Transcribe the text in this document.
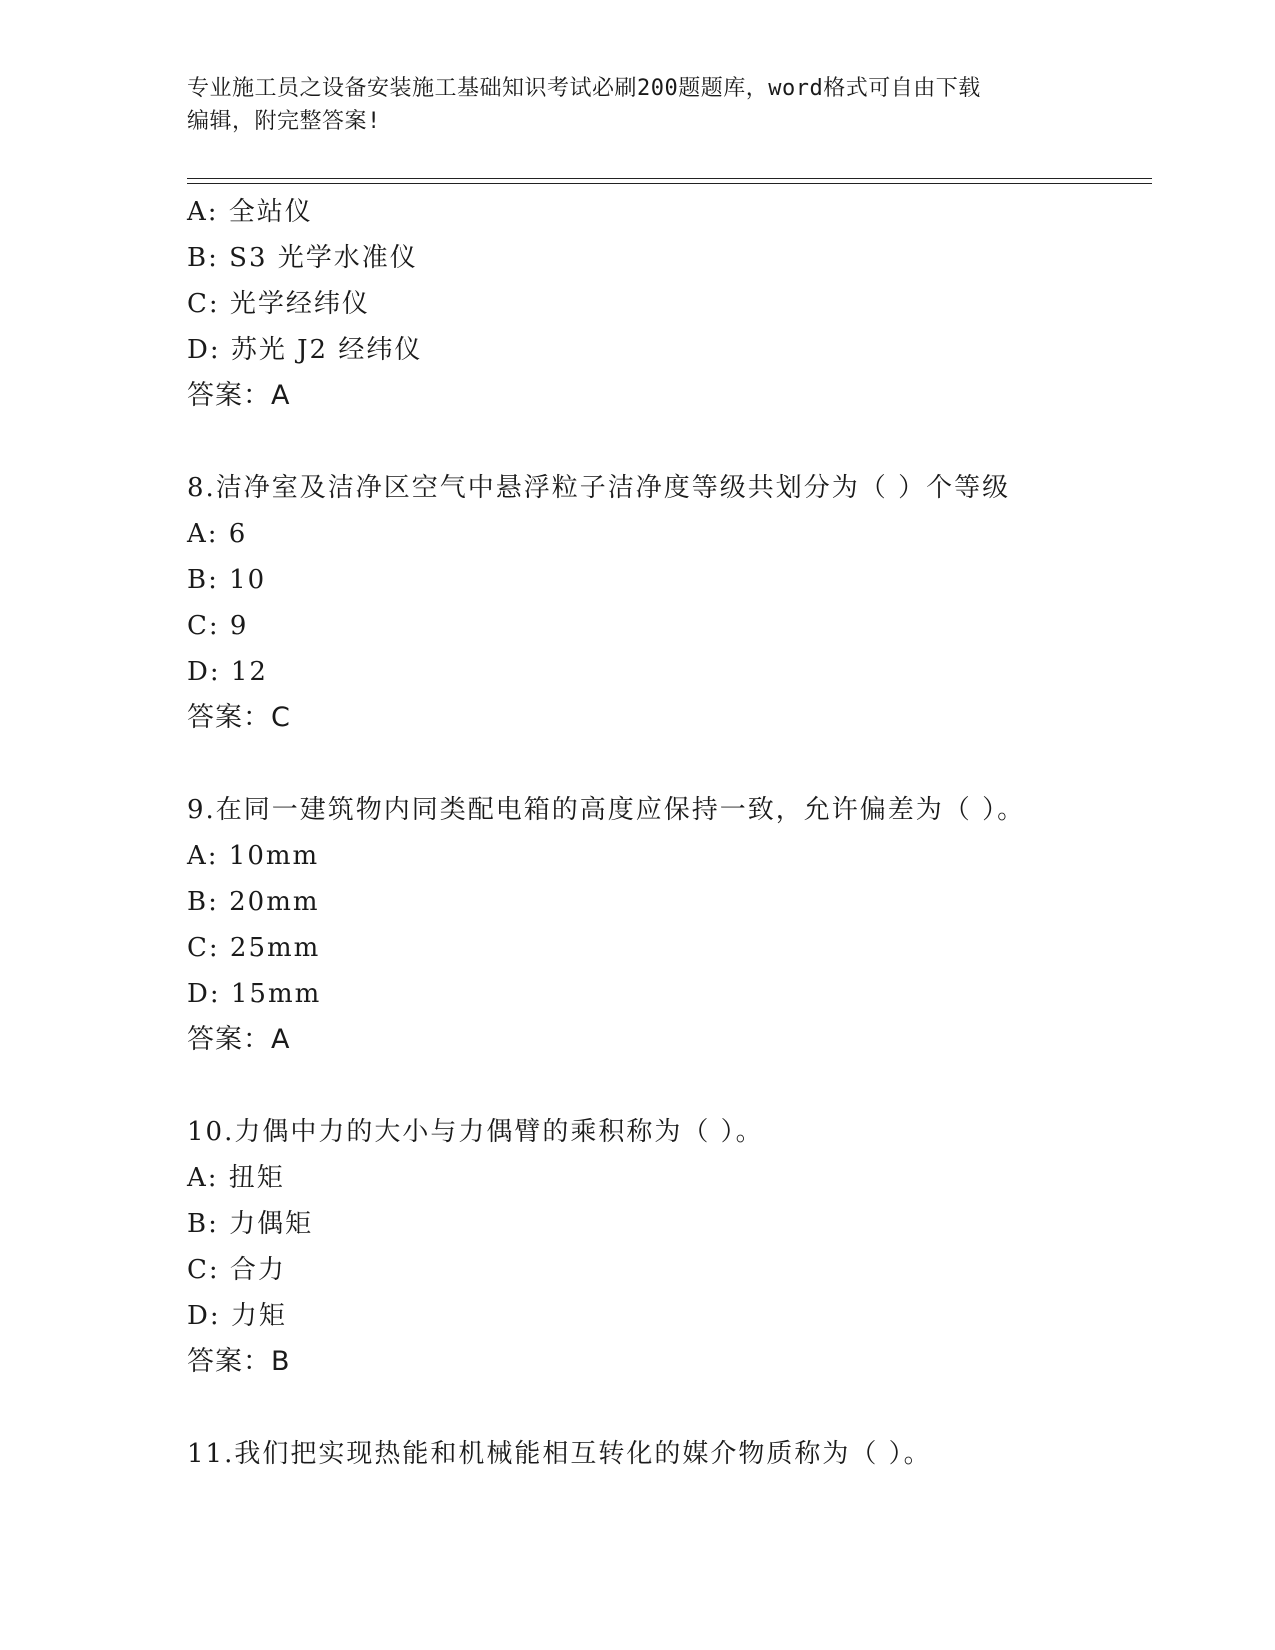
专业施工员之设备安装施工基础知识考试必刷200题题库，word格式可自由下载
编辑，附完整答案!
A: 全站仪
B: S3 光学水准仪
C: 光学经纬仪
D: 苏光 J2 经纬仪
答案：A
8.洁净室及洁净区空气中悬浮粒子洁净度等级共划分为（ ）个等级
A: 6
B: 10
C: 9
D: 12
答案：C
9.在同一建筑物内同类配电箱的高度应保持一致，允许偏差为（ ）。
A: 10mm
B: 20mm
C: 25mm
D: 15mm
答案：A
10.力偶中力的大小与力偶臂的乘积称为（ ）。
A: 扭矩
B: 力偶矩
C: 合力
D: 力矩
答案：B
11.我们把实现热能和机械能相互转化的媒介物质称为（ ）。
